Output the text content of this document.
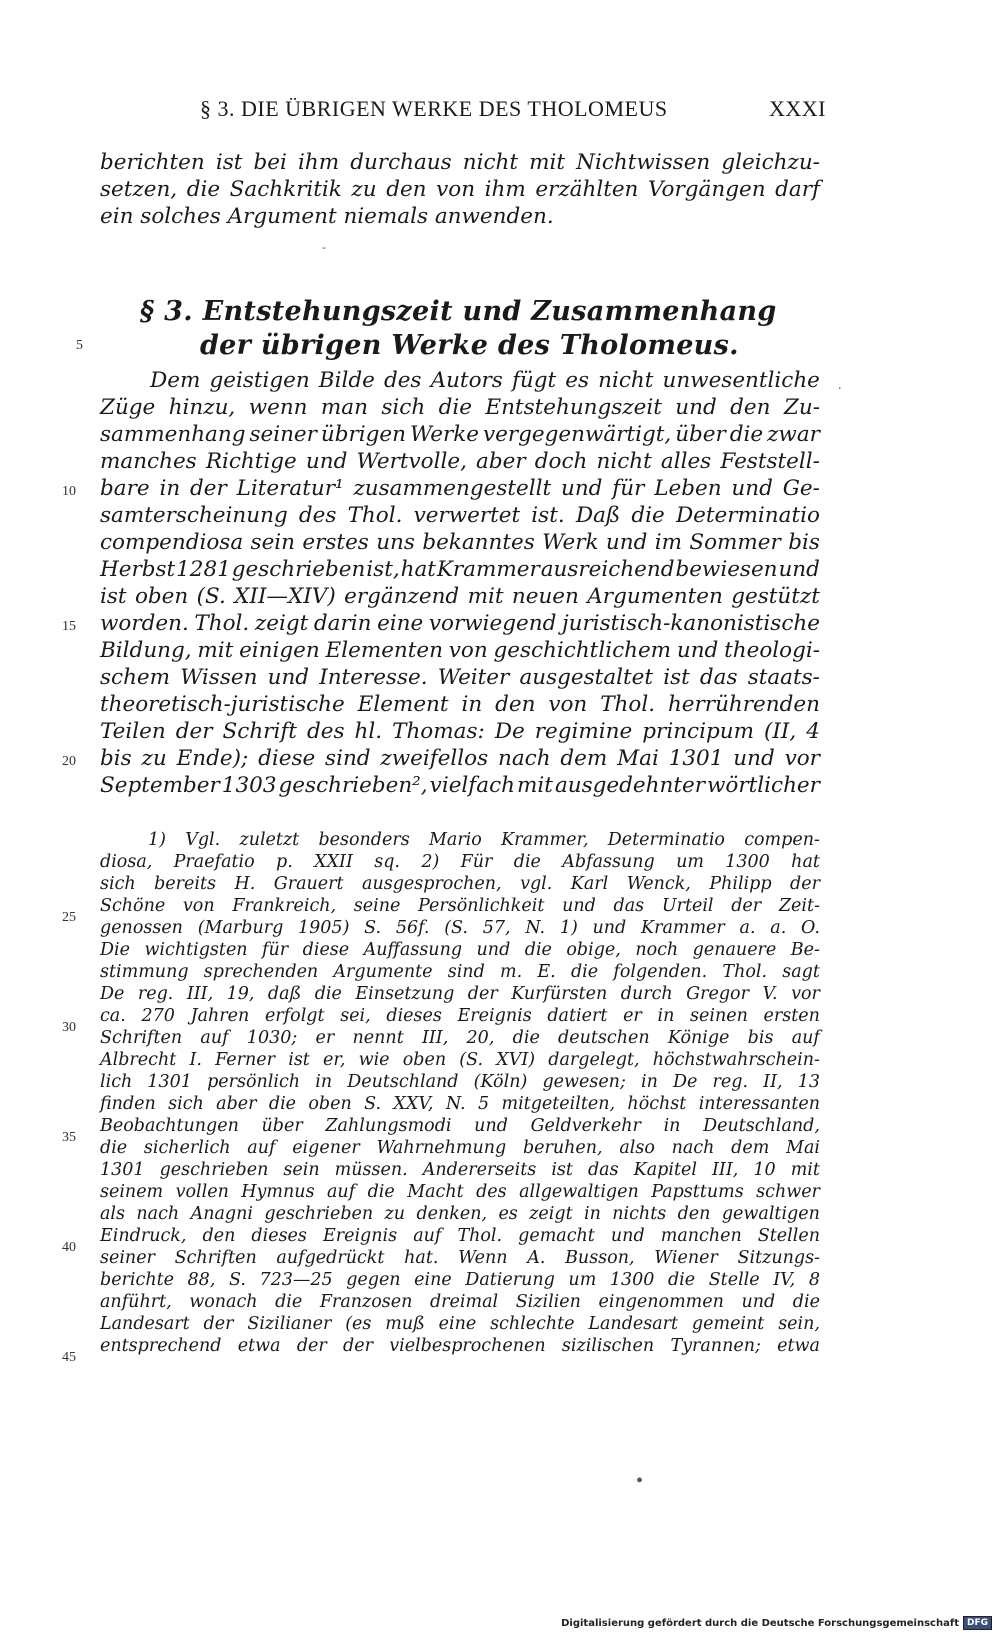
§ 3. DIE ÜBRIGEN WERKE DES THOLOMEUS	XXXI
berichten ist bei ihm durchaus nicht mit Nichtwissen gleichzu-
setzen, die Sachkritik zu den von ihm erzählten Vorgängen darf
ein solches Argument niemals anwenden.
‐
§ 3. Entstehungszeit und Zusammenhang
der übrigen Werke des Tholomeus.
Dem geistigen Bilde des Autors fügt es nicht unwesentliche
Züge hinzu, wenn man sich die Entstehungszeit und den Zu-
sammenhang seiner übrigen Werke vergegenwärtigt, über die zwar
manches Richtige und Wertvolle, aber doch nicht alles Feststell-
bare in der Literatur¹ zusammengestellt und für Leben und Ge-
samterscheinung des Thol. verwertet ist. Daß die Determinatio
compendiosa sein erstes uns bekanntes Werk und im Sommer bis
Herbst 1281 geschrieben ist, hat Krammer ausreichend bewiesen und
ist oben (S. XII—XIV) ergänzend mit neuen Argumenten gestützt
worden. Thol. zeigt darin eine vorwiegend juristisch-kanonistische
Bildung, mit einigen Elementen von geschichtlichem und theologi-
schem Wissen und Interesse. Weiter ausgestaltet ist das staats-
theoretisch-juristische Element in den von Thol. herrührenden
Teilen der Schrift des hl. Thomas: De regimine principum (II, 4
bis zu Ende); diese sind zweifellos nach dem Mai 1301 und vor
September 1303 geschrieben², vielfach mit ausgedehnter wörtlicher
1) Vgl. zuletzt besonders Mario Krammer, Determinatio compen-
diosa, Praefatio p. XXII sq. 2) Für die Abfassung um 1300 hat
sich bereits H. Grauert ausgesprochen, vgl. Karl Wenck, Philipp der
Schöne von Frankreich, seine Persönlichkeit und das Urteil der Zeit-
genossen (Marburg 1905) S. 56f. (S. 57, N. 1) und Krammer a. a. O.
Die wichtigsten für diese Auffassung und die obige, noch genauere Be-
stimmung sprechenden Argumente sind m. E. die folgenden. Thol. sagt
De reg. III, 19, daß die Einsetzung der Kurfürsten durch Gregor V. vor
ca. 270 Jahren erfolgt sei, dieses Ereignis datiert er in seinen ersten
Schriften auf 1030; er nennt III, 20, die deutschen Könige bis auf
Albrecht I. Ferner ist er, wie oben (S. XVI) dargelegt, höchstwahrschein-
lich 1301 persönlich in Deutschland (Köln) gewesen; in De reg. II, 13
finden sich aber die oben S. XXV, N. 5 mitgeteilten, höchst interessanten
Beobachtungen über Zahlungsmodi und Geldverkehr in Deutschland,
die sicherlich auf eigener Wahrnehmung beruhen, also nach dem Mai
1301 geschrieben sein müssen. Andererseits ist das Kapitel III, 10 mit
seinem vollen Hymnus auf die Macht des allgewaltigen Papsttums schwer
als nach Anagni geschrieben zu denken, es zeigt in nichts den gewaltigen
Eindruck, den dieses Ereignis auf Thol. gemacht und manchen Stellen
seiner Schriften aufgedrückt hat. Wenn A. Busson, Wiener Sitzungs-
berichte 88, S. 723—25 gegen eine Datierung um 1300 die Stelle IV, 8
anführt, wonach die Franzosen dreimal Sizilien eingenommen und die
Landesart der Sizilianer (es muß eine schlechte Landesart gemeint sein,
entsprechend etwa der der vielbesprochenen sizilischen Tyrannen; etwa
5
10
15
20
25
30
35
40
45
.
•
Digitalisierung gefördert durch die Deutsche Forschungsgemeinschaft DFG
